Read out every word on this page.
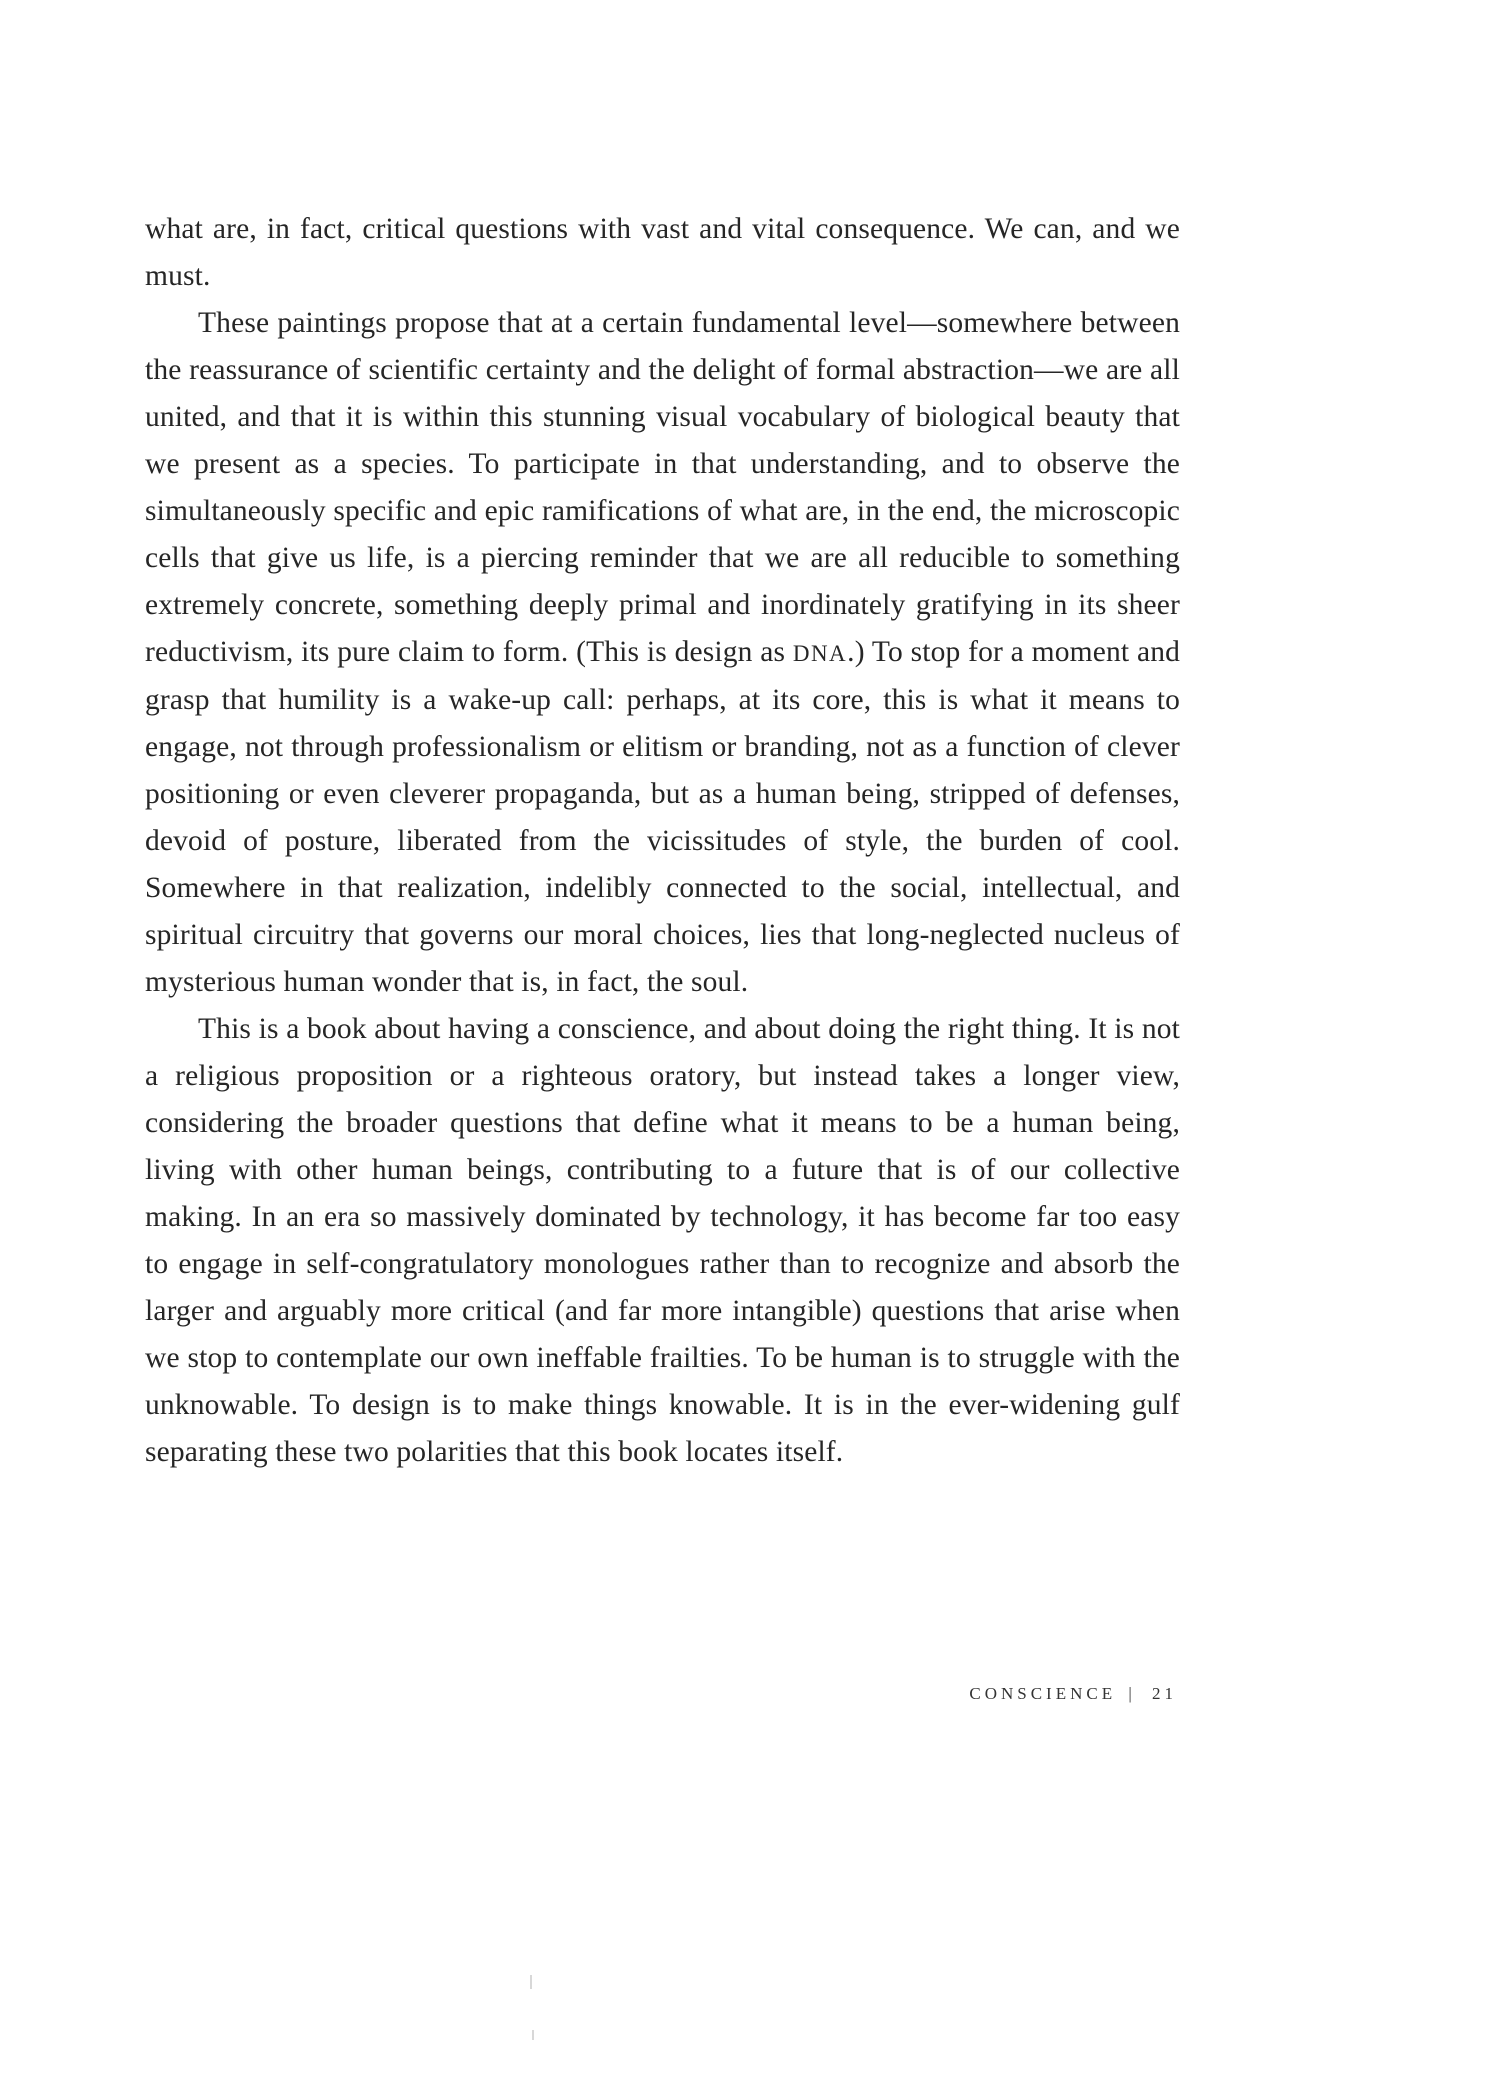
what are, in fact, critical questions with vast and vital consequence. We can, and we must.

These paintings propose that at a certain fundamental level—somewhere between the reassurance of scientific certainty and the delight of formal abstraction—we are all united, and that it is within this stunning visual vocabulary of biological beauty that we present as a species. To participate in that understanding, and to observe the simultaneously specific and epic ramifications of what are, in the end, the microscopic cells that give us life, is a piercing reminder that we are all reducible to something extremely concrete, something deeply primal and inordinately gratifying in its sheer reductivism, its pure claim to form. (This is design as DNA.) To stop for a moment and grasp that humility is a wake-up call: perhaps, at its core, this is what it means to engage, not through professionalism or elitism or branding, not as a function of clever positioning or even cleverer propaganda, but as a human being, stripped of defenses, devoid of posture, liberated from the vicissitudes of style, the burden of cool. Somewhere in that realization, indelibly connected to the social, intellectual, and spiritual circuitry that governs our moral choices, lies that long-neglected nucleus of mysterious human wonder that is, in fact, the soul.

This is a book about having a conscience, and about doing the right thing. It is not a religious proposition or a righteous oratory, but instead takes a longer view, considering the broader questions that define what it means to be a human being, living with other human beings, contributing to a future that is of our collective making. In an era so massively dominated by technology, it has become far too easy to engage in self-congratulatory monologues rather than to recognize and absorb the larger and arguably more critical (and far more intangible) questions that arise when we stop to contemplate our own ineffable frailties. To be human is to struggle with the unknowable. To design is to make things knowable. It is in the ever-widening gulf separating these two polarities that this book locates itself.

CONSCIENCE | 21
